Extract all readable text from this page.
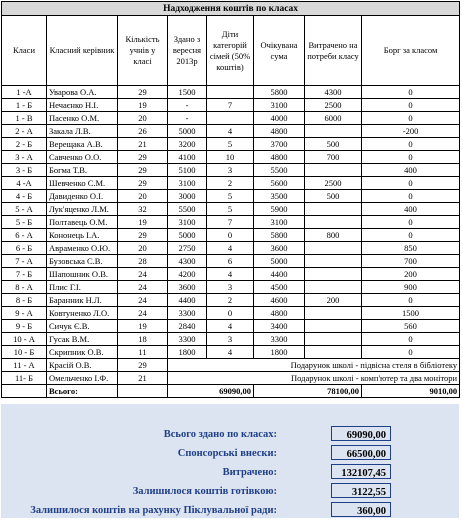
Надходження коштів по класах							
Класи	Класний керівник	Кількість учнів у класі	Здано з вересня 2013р	Діти категорій сімей (50% коштів)	Очікувана сума	Витрачено на потреби класу	Борг за класом
1 -А	Уварова О.А.	29	1500		5800	4300	0
1 - Б	Нечаєнко Н.І.	19	-	7	3100	2500	0
1 - В	Пасенко О.М.	20	-		4000	6000	0
2 - А	Закала Л.В.	26	5000	4	4800		-200
2 - Б	Верещака А.В.	21	3200	5	3700	500	0
3 - А	Савченко О.О.	29	4100	10	4800	700	0
3 - Б	Богма Т.В.	29	5100	3	5500		400
4 -А	Шевченко С.М.	29	3100	2	5600	2500	0
4 - Б	Давиденко О.І.	20	3000	5	3500	500	0
5 - А	Лук'яценко Л.М.	32	5500	5	5900		400
5 - Б	Полтавець О.М.	19	3100	7	3100		0
6 - А	Кононець І.А.	29	5000	0	5800	800	0
6 - Б	Авраменко О.Ю.	20	2750	4	3600		850
7 - А	Бузовська С.В.	28	4300	6	5000		700
7 - Б	Шапошник О.В.	24	4200	4	4400		200
8 - А	Плис Г.І.	24	3600	3	4500		900
8 - Б	Баранник Н.Л.	24	4400	2	4600	200	0
9 - А	Ковтуненко Л.О.	24	3300	0	4800		1500
9 - Б	Сичук Є.В.	19	2840	4	3400		560
10 - А	Гусак В.М.	18	3300	3	3300		0
10 - Б	Скрипник О.В.	11	1800	4	1800		0
11 - А	Красій О.В.	29	Подарунок школі - підвісна стеля в бібліотеку				
11- Б	Омельченко І.Ф.	21	Подарунок школі - комп'ютер та два монітори				
	Всього:		69090,00		78100,00		9010,00
Всього здано по класах:	69090,00
Спонсорські внески:	66500,00
Витрачено:	132107,45
Залишилося коштів готівкою:	3122,55
Залишилося коштів на рахунку Піклувальної ради:	360,00
